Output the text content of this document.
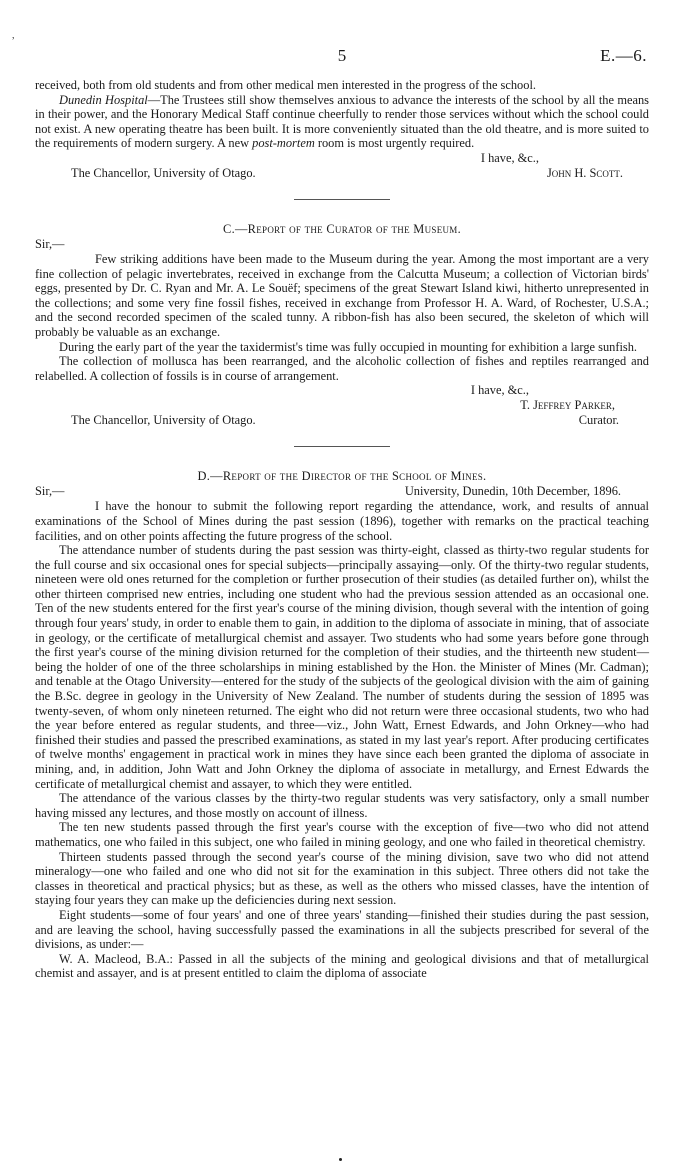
,
5	E.—6.

received, both from old students and from other medical men interested in the progress of the school.

Dunedin Hospital—The Trustees still show themselves anxious to advance the interests of the school by all the means in their power, and the Honorary Medical Staff continue cheerfully to render those services without which the school could not exist. A new operating theatre has been built. It is more conveniently situated than the old theatre, and is more suited to the requirements of modern surgery. A new post-mortem room is most urgently required.

I have, &c.,

The Chancellor, University of Otago.	John H. Scott.
C.—Report of the Curator of the Museum.
Sir,—

Few striking additions have been made to the Museum during the year. Among the most important are a very fine collection of pelagic invertebrates, received in exchange from the Calcutta Museum; a collection of Victorian birds' eggs, presented by Dr. C. Ryan and Mr. A. Le Souëf; specimens of the great Stewart Island kiwi, hitherto unrepresented in the collections; and some very fine fossil fishes, received in exchange from Professor H. A. Ward, of Rochester, U.S.A.; and the second recorded specimen of the scaled tunny. A ribbon-fish has also been secured, the skeleton of which will probably be valuable as an exchange.

During the early part of the year the taxidermist's time was fully occupied in mounting for exhibition a large sunfish.

The collection of mollusca has been rearranged, and the alcoholic collection of fishes and reptiles rearranged and relabelled. A collection of fossils is in course of arrangement.

I have, &c.,

T. Jeffrey Parker,

The Chancellor, University of Otago.	Curator.
D.—Report of the Director of the School of Mines.
Sir,—	University, Dunedin, 10th December, 1896.

I have the honour to submit the following report regarding the attendance, work, and results of annual examinations of the School of Mines during the past session (1896), together with remarks on the practical teaching facilities, and on other points affecting the future progress of the school.

The attendance number of students during the past session was thirty-eight, classed as thirty-two regular students for the full course and six occasional ones for special subjects—principally assaying—only. Of the thirty-two regular students, nineteen were old ones returned for the completion or further prosecution of their studies (as detailed further on), whilst the other thirteen comprised new entries, including one student who had the previous session attended as an occasional one. Ten of the new students entered for the first year's course of the mining division, though several with the intention of going through four years' study, in order to enable them to gain, in addition to the diploma of associate in mining, that of associate in geology, or the certificate of metallurgical chemist and assayer. Two students who had some years before gone through the first year's course of the mining division returned for the completion of their studies, and the thirteenth new student—being the holder of one of the three scholarships in mining established by the Hon. the Minister of Mines (Mr. Cadman); and tenable at the Otago University—entered for the study of the subjects of the geological division with the aim of gaining the B.Sc. degree in geology in the University of New Zealand. The number of students during the session of 1895 was twenty-seven, of whom only nineteen returned. The eight who did not return were three occasional students, two who had the year before entered as regular students, and three—viz., John Watt, Ernest Edwards, and John Orkney—who had finished their studies and passed the prescribed examinations, as stated in my last year's report. After producing certificates of twelve months' engagement in practical work in mines they have since each been granted the diploma of associate in mining, and, in addition, John Watt and John Orkney the diploma of associate in metallurgy, and Ernest Edwards the certificate of metallurgical chemist and assayer, to which they were entitled.

The attendance of the various classes by the thirty-two regular students was very satisfactory, only a small number having missed any lectures, and those mostly on account of illness.

The ten new students passed through the first year's course with the exception of five—two who did not attend mathematics, one who failed in this subject, one who failed in mining geology, and one who failed in theoretical chemistry.

Thirteen students passed through the second year's course of the mining division, save two who did not attend mineralogy—one who failed and one who did not sit for the examination in this subject. Three others did not take the classes in theoretical and practical physics; but as these, as well as the others who missed classes, have the intention of staying four years they can make up the deficiencies during next session.

Eight students—some of four years' and one of three years' standing—finished their studies during the past session, and are leaving the school, having successfully passed the examinations in all the subjects prescribed for several of the divisions, as under:—

W. A. Macleod, B.A.: Passed in all the subjects of the mining and geological divisions and that of metallurgical chemist and assayer, and is at present entitled to claim the diploma of associate
